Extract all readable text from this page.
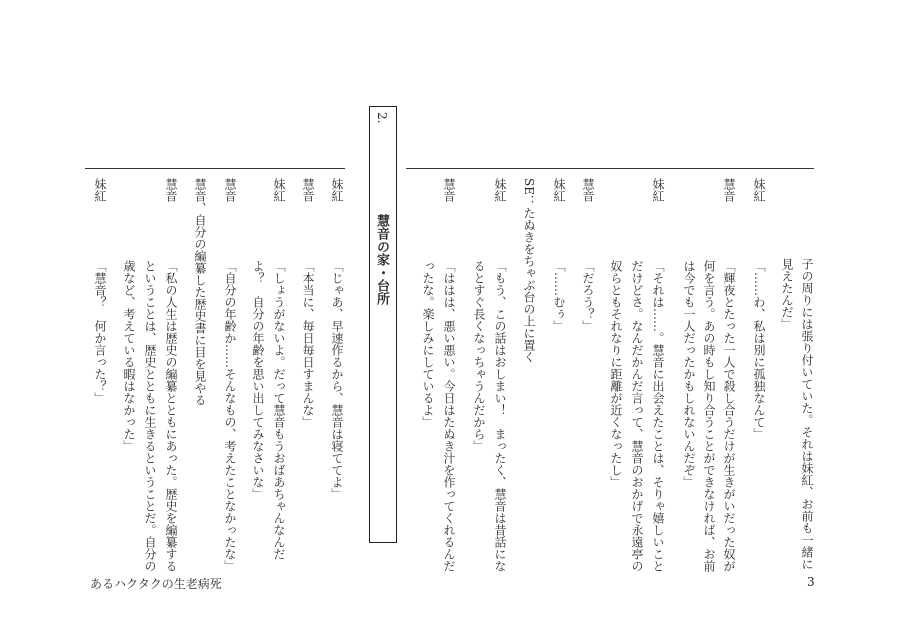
子の周りには張り付いていた。それは妹紅、お前も一緒に
見えたんだ」
妹紅
「……わ、私は別に孤独なんて」
慧音
「輝夜とたった一人で殺し合うだけが生きがいだった奴が
何を言う。あの時もし知り合うことができなければ、お前
は今でも一人だったかもしれないんだぞ」
妹紅
「それは……。慧音に出会えたことは、そりゃ嬉しいこと
だけどさ。なんだかんだ言って、慧音のおかげで永遠亭の
奴らともそれなりに距離が近くなったし」
慧音
「だろう？」
妹紅
「……むぅ」
SE：たぬきをちゃぶ台の上に置く
妹紅
「もう、この話はおしまい！　まったく、慧音は昔話にな
るとすぐ長くなっちゃうんだから」
慧音
「ははは、悪い悪い。今日はたぬき汁を作ってくれるんだ
ったな。楽しみにしているよ」
2.
慧音の家・台所
妹紅
「じゃあ、早速作るから、慧音は寝ててよ」
慧音
「本当に、毎日毎日すまんな」
妹紅
「しょうがないよ。だって慧音もうおばあちゃんなんだ
よ？　自分の年齢を思い出してみなさいな」
慧音
「自分の年齢か……そんなもの、考えたことなかったな」
慧音、自分の編纂した歴史書に目を見やる
慧音
「私の人生は歴史の編纂とともにあった。歴史を編纂する
ということは、歴史とともに生きるということだ。自分の
歳など、考えている暇はなかった」
妹紅
「慧音？　何か言った？」
あるハクタクの生老病死	3
